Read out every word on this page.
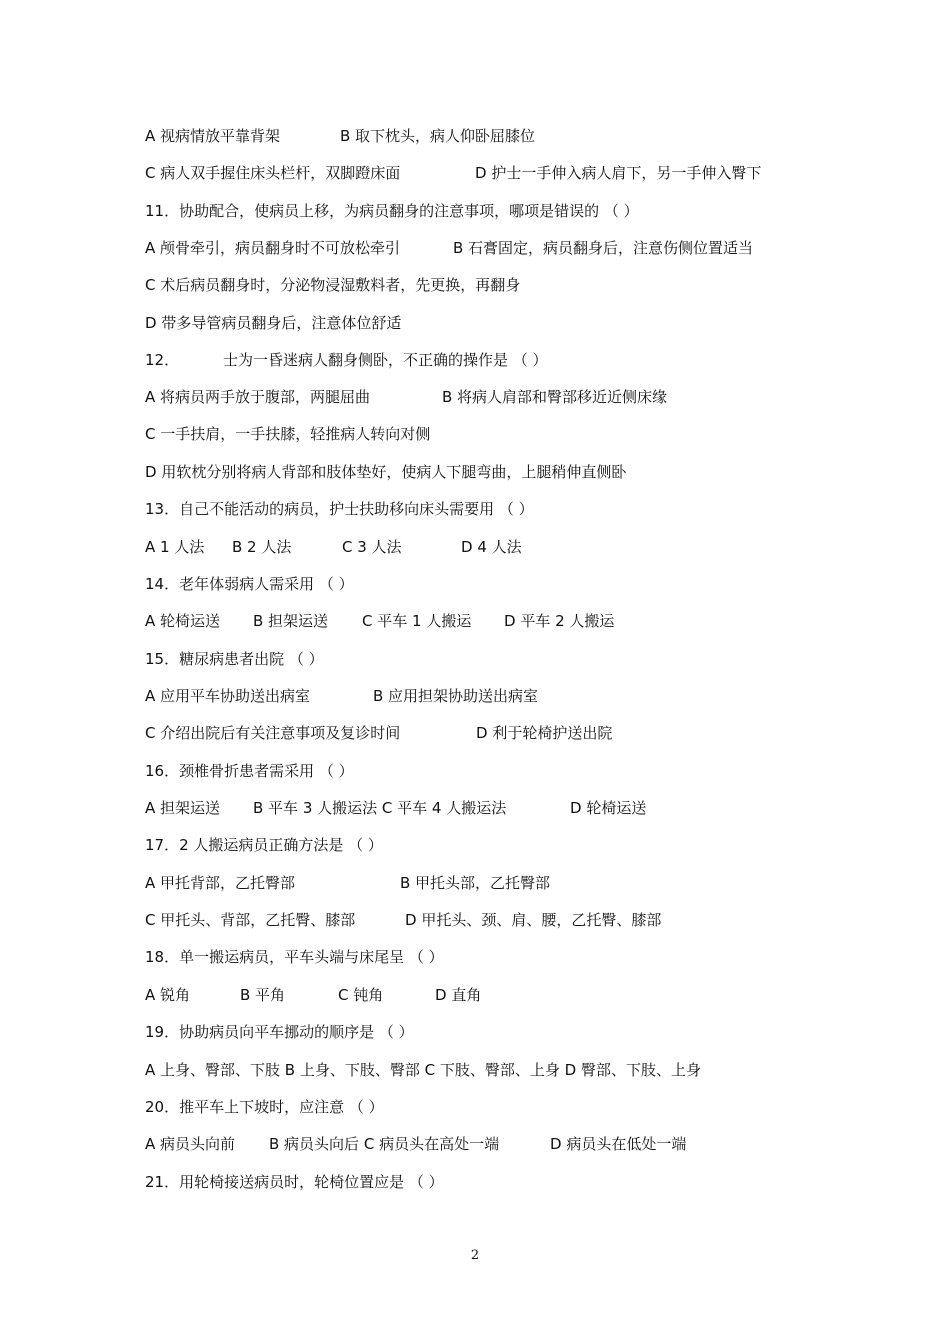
A 视病情放平靠背架	B 取下枕头，病人仰卧屈膝位
C 病人双手握住床头栏杆，双脚蹬床面	D 护士一手伸入病人肩下，另一手伸入臀下
11．协助配合，使病员上移，为病员翻身的注意事项，哪项是错误的 （ ）
A 颅骨牵引，病员翻身时不可放松牵引	B 石膏固定，病员翻身后，注意伤侧位置适当
C 术后病员翻身时，分泌物浸湿敷料者，先更换，再翻身
D 带多导管病员翻身后，注意体位舒适
12．	士为一昏迷病人翻身侧卧，不正确的操作是 （ ）
A 将病员两手放于腹部，两腿屈曲	B 将病人肩部和臀部移近近侧床缘
C 一手扶肩，一手扶膝，轻推病人转向对侧
D 用软枕分别将病人背部和肢体垫好，使病人下腿弯曲，上腿稍伸直侧卧
13．自己不能活动的病员，护士扶助移向床头需要用 （ ）
A 1 人法 B 2 人法	C 3 人法	D 4 人法
14．老年体弱病人需采用 （ ）
A 轮椅运送 B 担架运送 C 平车 1 人搬运 D 平车 2 人搬运
15．糖尿病患者出院 （ ）
A 应用平车协助送出病室	B 应用担架协助送出病室
C 介绍出院后有关注意事项及复诊时间	D 利于轮椅护送出院
16．颈椎骨折患者需采用 （ ）
A 担架运送 B 平车 3 人搬运法 C 平车 4 人搬运法	D 轮椅运送
17．2 人搬运病员正确方法是 （ ）
A 甲托背部，乙托臀部	B 甲托头部，乙托臀部
C 甲托头、背部，乙托臀、膝部	D 甲托头、颈、肩、腰，乙托臀、膝部
18．单一搬运病员，平车头端与床尾呈 （ ）
A 锐角	B 平角	C 钝角	D 直角
19．协助病员向平车挪动的顺序是 （ ）
A 上身、臀部、下肢 B 上身、下肢、臀部 C 下肢、臀部、上身 D 臀部、下肢、上身
20．推平车上下坡时，应注意 （ ）
A 病员头向前 B 病员头向后 C 病员头在高处一端	D 病员头在低处一端
21．用轮椅接送病员时，轮椅位置应是 （ ）
2
